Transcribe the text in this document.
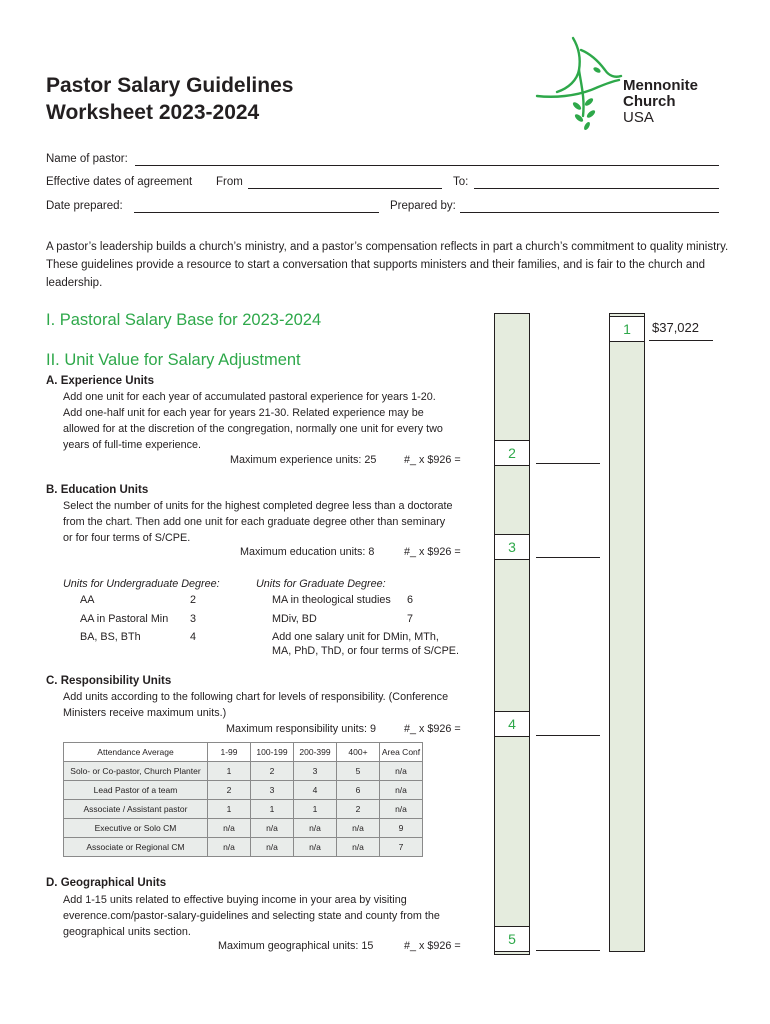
Pastor Salary Guidelines
Worksheet 2023-2024
Mennonite
Church
USA
Name of pastor:
Effective dates of agreement From	To:
Date prepared:	Prepared by:
A pastor’s leadership builds a church’s ministry, and a pastor’s compensation reflects in part a church’s commitment to quality ministry. These guidelines provide a resource to start a conversation that supports ministers and their families, and is fair to the church and leadership.
I. Pastoral Salary Base for 2023-2024	1	$37,022
II. Unit Value for Salary Adjustment
A. Experience Units
Add one unit for each year of accumulated pastoral experience for years 1-20.
Add one-half unit for each year for years 21-30. Related experience may be
allowed for at the discretion of the congregation, normally one unit for every two
years of full-time experience.
Maximum experience units: 25	#_ x $926 =	2
B. Education Units
Select the number of units for the highest completed degree less than a doctorate
from the chart. Then add one unit for each graduate degree other than seminary
or for four terms of S/CPE.
Maximum education units: 8	#_ x $926 =	3
Units for Undergraduate Degree:
AA	2
AA in Pastoral Min 3
BA, BS, BTh	4
Units for Graduate Degree:
MA in theological studies 6
MDiv, BD	7
Add one salary unit for DMin, MTh,
MA, PhD, ThD, or four terms of S/CPE.
C. Responsibility Units
Add units according to the following chart for levels of responsibility. (Conference
Ministers receive maximum units.)
Maximum responsibility units: 9	#_ x $926 =	4
Attendance Average	1-99	100-199	200-399	400+	Area Conf
Solo- or Co-pastor, Church Planter	1	2	3	5	n/a
Lead Pastor of a team	2	3	4	6	n/a
Associate / Assistant pastor	1	1	1	2	n/a
Executive or Solo CM	n/a	n/a	n/a	n/a	9
Associate or Regional CM	n/a	n/a	n/a	n/a	7
D. Geographical Units
Add 1-15 units related to effective buying income in your area by visiting
everence.com/pastor-salary-guidelines and selecting state and county from the
geographical units section.
Maximum geographical units: 15	#_ x $926 =	5
